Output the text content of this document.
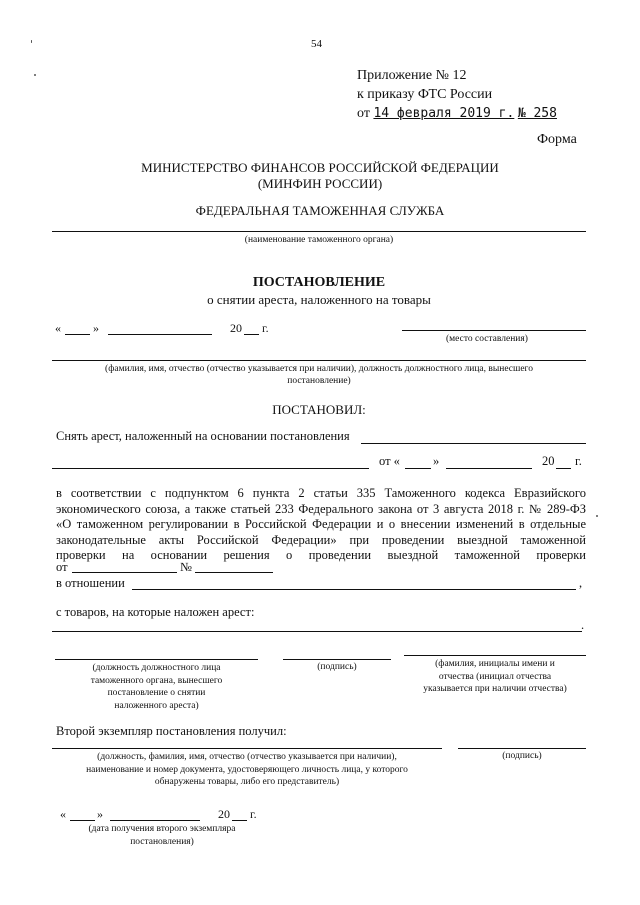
54
Приложение № 12
к приказу ФТС России
от 14 февраля 2019 г. № 258
Форма
МИНИСТЕРСТВО ФИНАНСОВ РОССИЙСКОЙ ФЕДЕРАЦИИ
(МИНФИН РОССИИ)
ФЕДЕРАЛЬНАЯ ТАМОЖЕННАЯ СЛУЖБА
(наименование таможенного органа)
ПОСТАНОВЛЕНИЕ
о снятии ареста, наложенного на товары
«	»	20 г.
(место составления)
(фамилия, имя, отчество (отчество указывается при наличии), должность должностного лица, вынесшего
постановление)
ПОСТАНОВИЛ:
Снять арест, наложенный на основании постановления
от «	»	20 г.
в соответствии с подпунктом 6 пункта 2 статьи 335 Таможенного кодекса Евразийского
экономического союза, а также статьей 233 Федерального закона от 3 августа 2018 г. № 289-ФЗ
«О таможенном регулировании в Российской Федерации и о внесении изменений в отдельные
законодательные акты Российской Федерации» при проведении выездной таможенной
проверки на основании решения о проведении выездной таможенной проверки
от	№
в отношении	,
с товаров, на которые наложен арест:
.
(должность должностного лица
таможенного органа, вынесшего
постановление о снятии
наложенного ареста)
(подпись)	(фамилия, инициалы имени и
отчества (инициал отчества
указывается при наличии отчества)
Второй экземпляр постановления получил:
(должность, фамилия, имя, отчество (отчество указывается при наличии),
наименование и номер документа, удостоверяющего личность лица, у которого
обнаружены товары, либо его представитель)
(подпись)
«	»	20 г.
(дата получения второго экземпляра
постановления)
